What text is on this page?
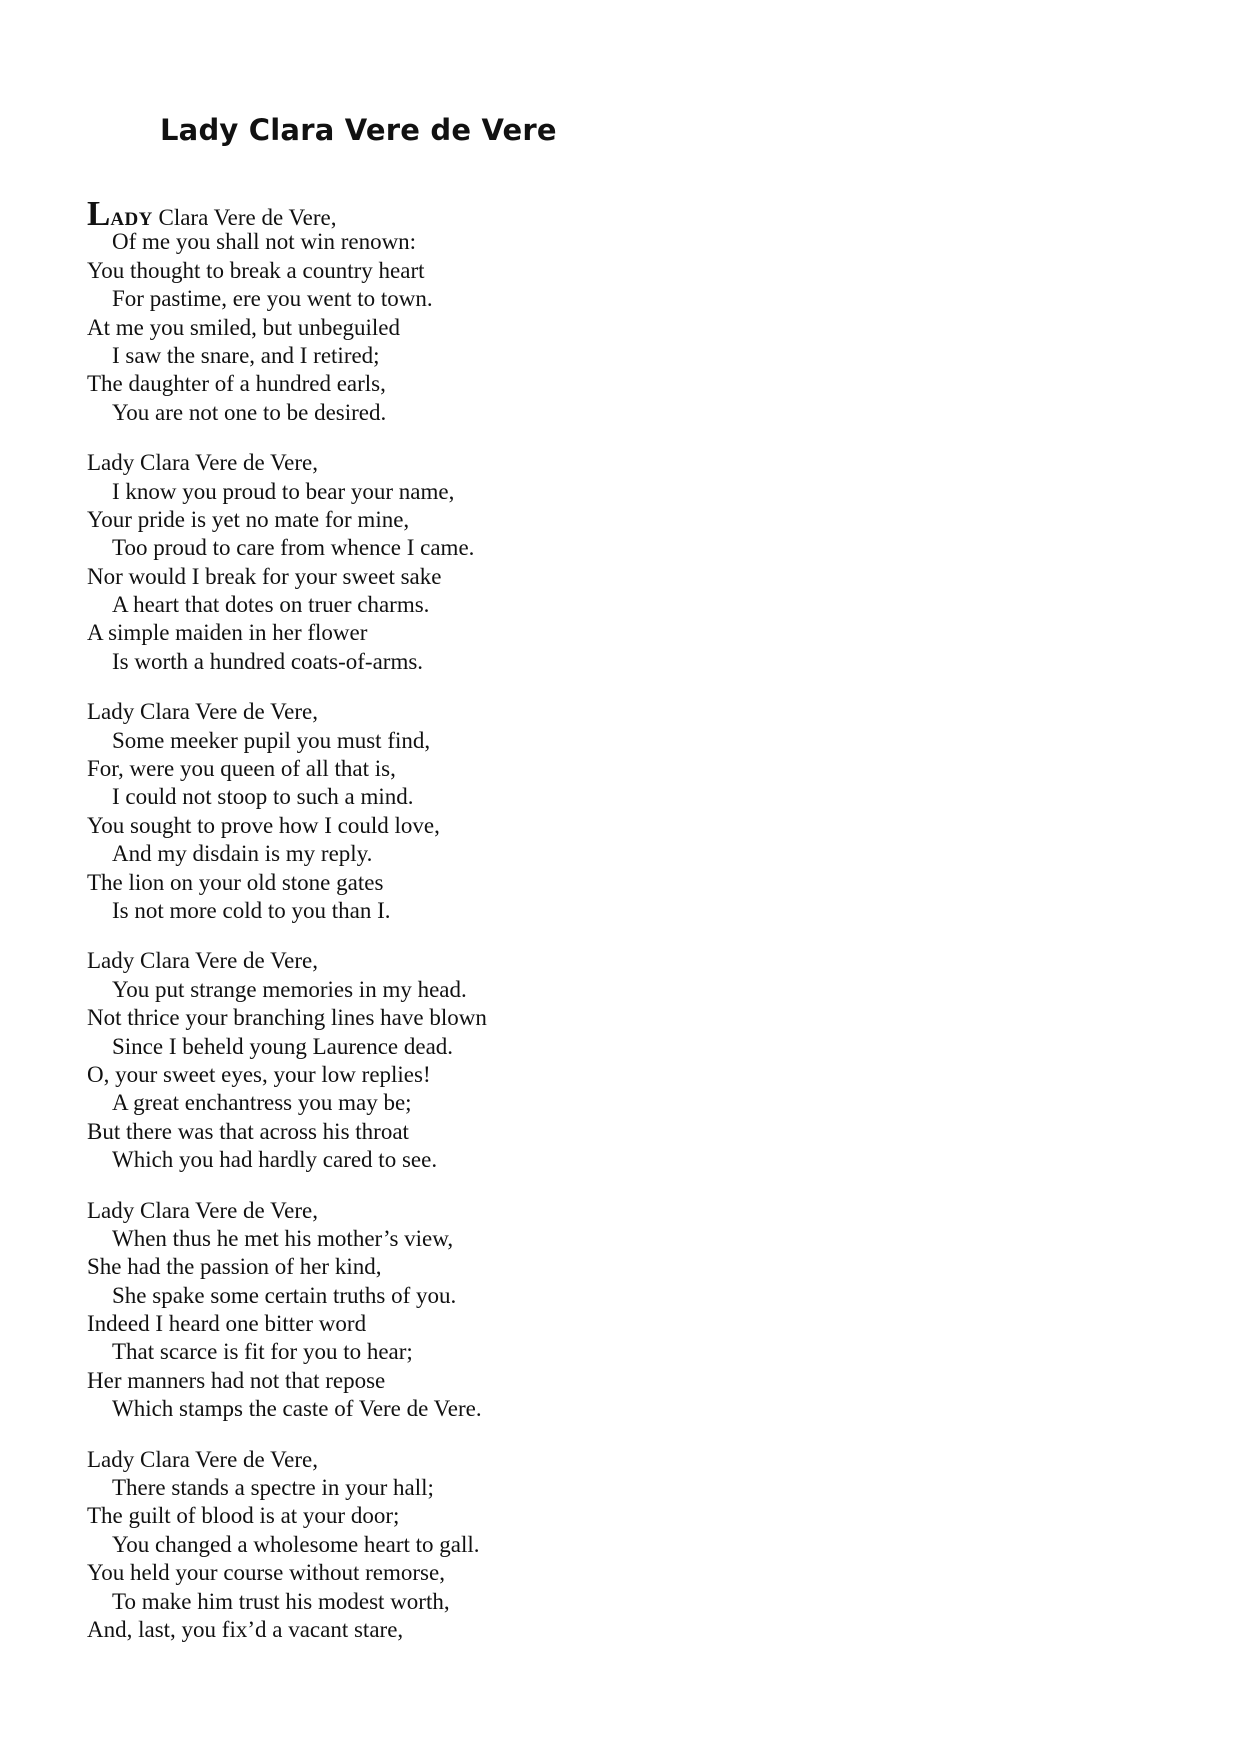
Lady Clara Vere de Vere
LADY Clara Vere de Vere,
Of me you shall not win renown:
You thought to break a country heart
For pastime, ere you went to town.
At me you smiled, but unbeguiled
I saw the snare, and I retired;
The daughter of a hundred earls,
You are not one to be desired.
Lady Clara Vere de Vere,
I know you proud to bear your name,
Your pride is yet no mate for mine,
Too proud to care from whence I came.
Nor would I break for your sweet sake
A heart that dotes on truer charms.
A simple maiden in her flower
Is worth a hundred coats-of-arms.
Lady Clara Vere de Vere,
Some meeker pupil you must find,
For, were you queen of all that is,
I could not stoop to such a mind.
You sought to prove how I could love,
And my disdain is my reply.
The lion on your old stone gates
Is not more cold to you than I.
Lady Clara Vere de Vere,
You put strange memories in my head.
Not thrice your branching lines have blown
Since I beheld young Laurence dead.
O, your sweet eyes, your low replies!
A great enchantress you may be;
But there was that across his throat
Which you had hardly cared to see.
Lady Clara Vere de Vere,
When thus he met his mother’s view,
She had the passion of her kind,
She spake some certain truths of you.
Indeed I heard one bitter word
That scarce is fit for you to hear;
Her manners had not that repose
Which stamps the caste of Vere de Vere.
Lady Clara Vere de Vere,
There stands a spectre in your hall;
The guilt of blood is at your door;
You changed a wholesome heart to gall.
You held your course without remorse,
To make him trust his modest worth,
And, last, you fix’d a vacant stare,
